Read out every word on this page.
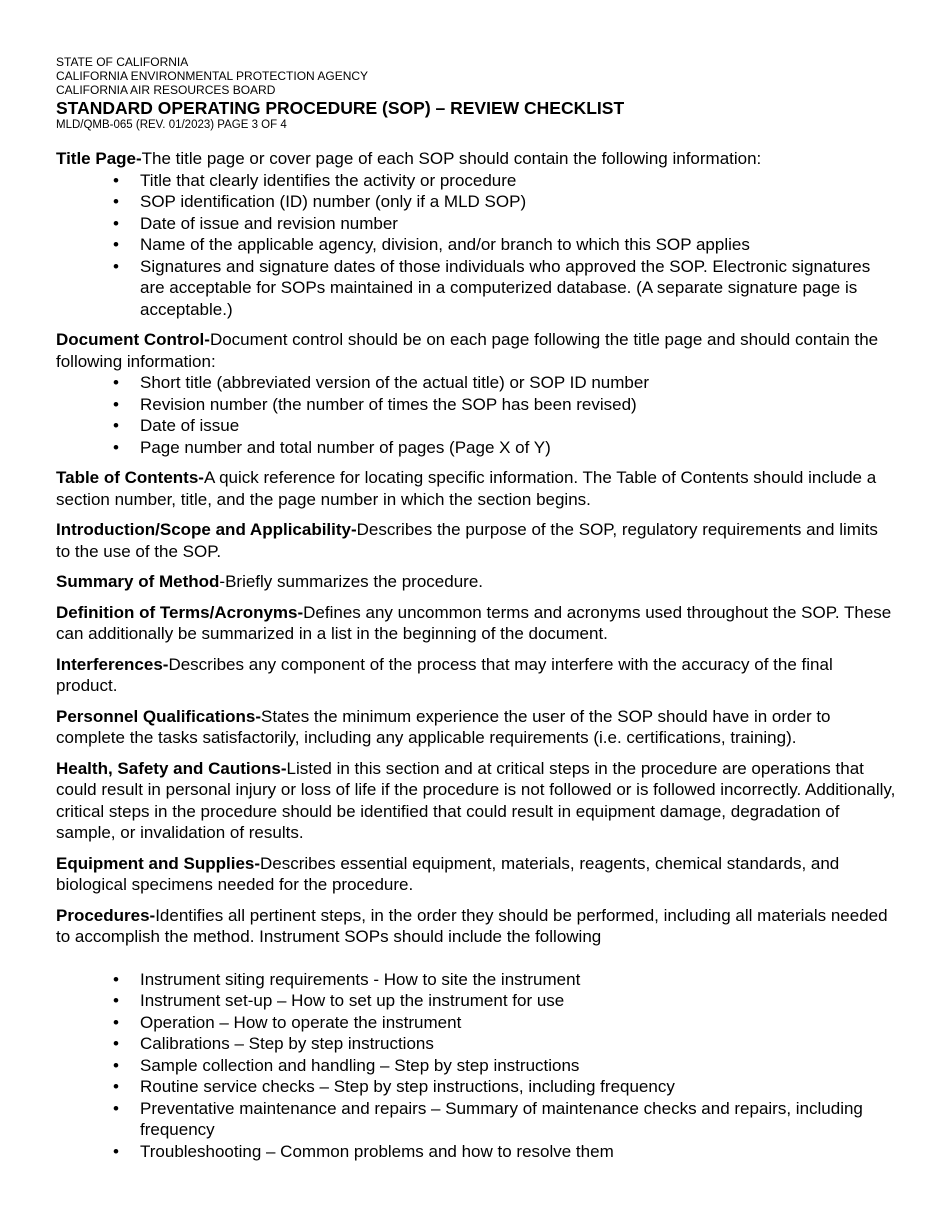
STATE OF CALIFORNIA
CALIFORNIA ENVIRONMENTAL PROTECTION AGENCY
CALIFORNIA AIR RESOURCES BOARD
STANDARD OPERATING PROCEDURE (SOP) – REVIEW CHECKLIST
MLD/QMB-065 (REV. 01/2023) PAGE 3 OF 4
Title Page-The title page or cover page of each SOP should contain the following information:
• Title that clearly identifies the activity or procedure
• SOP identification (ID) number (only if a MLD SOP)
• Date of issue and revision number
• Name of the applicable agency, division, and/or branch to which this SOP applies
• Signatures and signature dates of those individuals who approved the SOP. Electronic signatures are acceptable for SOPs maintained in a computerized database. (A separate signature page is acceptable.)
Document Control-Document control should be on each page following the title page and should contain the following information:
• Short title (abbreviated version of the actual title) or SOP ID number
• Revision number (the number of times the SOP has been revised)
• Date of issue
• Page number and total number of pages (Page X of Y)
Table of Contents-A quick reference for locating specific information. The Table of Contents should include a section number, title, and the page number in which the section begins.
Introduction/Scope and Applicability-Describes the purpose of the SOP, regulatory requirements and limits to the use of the SOP.
Summary of Method-Briefly summarizes the procedure.
Definition of Terms/Acronyms-Defines any uncommon terms and acronyms used throughout the SOP. These can additionally be summarized in a list in the beginning of the document.
Interferences-Describes any component of the process that may interfere with the accuracy of the final product.
Personnel Qualifications-States the minimum experience the user of the SOP should have in order to complete the tasks satisfactorily, including any applicable requirements (i.e. certifications, training).
Health, Safety and Cautions-Listed in this section and at critical steps in the procedure are operations that could result in personal injury or loss of life if the procedure is not followed or is followed incorrectly. Additionally, critical steps in the procedure should be identified that could result in equipment damage, degradation of sample, or invalidation of results.
Equipment and Supplies-Describes essential equipment, materials, reagents, chemical standards, and biological specimens needed for the procedure.
Procedures-Identifies all pertinent steps, in the order they should be performed, including all materials needed to accomplish the method. Instrument SOPs should include the following
• Instrument siting requirements - How to site the instrument
• Instrument set-up – How to set up the instrument for use
• Operation – How to operate the instrument
• Calibrations – Step by step instructions
• Sample collection and handling – Step by step instructions
• Routine service checks – Step by step instructions, including frequency
• Preventative maintenance and repairs – Summary of maintenance checks and repairs, including frequency
• Troubleshooting – Common problems and how to resolve them
